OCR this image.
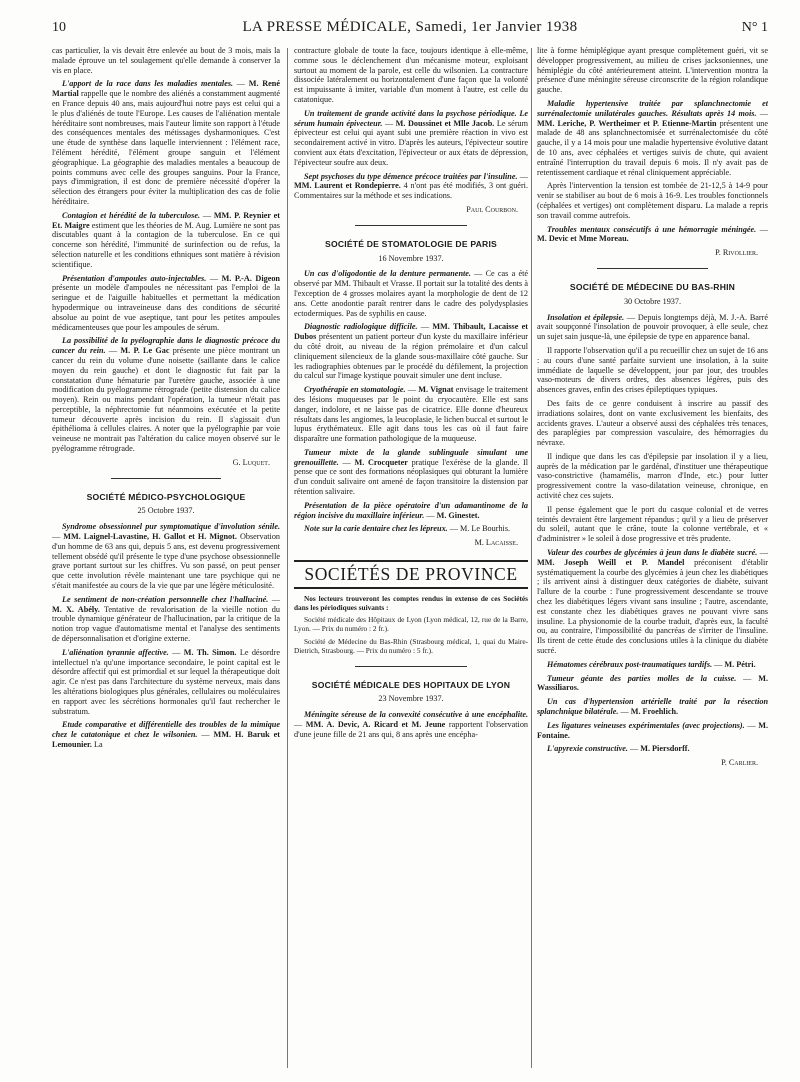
10	LA PRESSE MÉDICALE, Samedi, 1er Janvier 1938	N° 1

cas particulier, la vis devait être enlevée au bout de 3 mois, mais la malade éprouve un tel soulagement qu'elle demande à conserver la vis en place.

L'apport de la race dans les maladies mentales. — M. René Martial rappelle que le nombre des aliénés a constamment augmenté en France depuis 40 ans, mais aujourd'hui notre pays est celui qui a le plus d'aliénés de toute l'Europe. Les causes de l'aliénation mentale héréditaire sont nombreuses, mais l'auteur limite son rapport à l'étude des conséquences mentales des métissages dysharmoniques. C'est une étude de synthèse dans laquelle interviennent : l'élément race, l'élément hérédité, l'élément groupe sanguin et l'élément géographique. La géographie des maladies mentales a beaucoup de points communs avec celle des groupes sanguins. Pour la France, pays d'immigration, il est donc de première nécessité d'opérer la sélection des étrangers pour éviter la multiplication des cas de folie héréditaire.

Contagion et hérédité de la tuberculose. — MM. P. Reynier et Et. Maigre estiment que les théories de M. Aug. Lumière ne sont pas discutables quant à la contagion de la tuberculose. En ce qui concerne son hérédité, l'immunité de surinfection ou de refus, la sélection naturelle et les conditions ethniques sont matière à révision scientifique.

Présentation d'ampoules auto-injectables. — M. P.-A. Digeon présente un modèle d'ampoules ne nécessitant pas l'emploi de la seringue et de l'aiguille habituelles et permettant la médication hypodermique ou intraveineuse dans des conditions de sécurité absolue au point de vue aseptique, tant pour les petites ampoules médicamenteuses que pour les ampoules de sérum.

La possibilité de la pyélographie dans le diagnostic précoce du cancer du rein. — M. P. Le Gac présente une pièce montrant un cancer du rein du volume d'une noisette (saillante dans le calice moyen du rein gauche) et dont le diagnostic fut fait par la constatation d'une hématurie par l'uretère gauche, associée à une modification du pyélogramme rétrograde (petite distension du calice moyen). Rein ou mains pendant l'opération, la tumeur n'était pas perceptible, la néphrectomie fut néanmoins exécutée et la petite tumeur découverte après incision du rein. Il s'agissait d'un épithélioma à cellules claires. A noter que la pyélographie par voie veineuse ne montrait pas l'altération du calice moyen observé sur le pyélogramme rétrograde.

G. Luquet.
SOCIÉTÉ MÉDICO-PSYCHOLOGIQUE
25 Octobre 1937.

Syndrome obsessionnel pur symptomatique d'involution sénile. — MM. Laignel-Lavastine, H. Gallot et H. Mignot. Observation d'un homme de 63 ans qui, depuis 5 ans, est devenu progressivement tellement obsédé qu'il présente le type d'une psychose obsessionnelle grave portant surtout sur les chiffres. Vu son passé, on peut penser que cette involution révèle maintenant une tare psychique qui ne s'était manifestée au cours de la vie que par une légère méticulosité.

Le sentiment de non-création personnelle chez l'halluciné. — M. X. Abély. Tentative de revalorisation de la vieille notion du trouble dynamique générateur de l'hallucination, par la critique de la notion trop vague d'automatisme mental et l'analyse des sentiments de dépersonnalisation et d'origine externe.

L'aliénation tyrannie affective. — M. Th. Simon. Le désordre intellectuel n'a qu'une importance secondaire, le point capital est le désordre affectif qui est primordial et sur lequel la thérapeutique doit agir. Ce n'est pas dans l'architecture du système nerveux, mais dans les altérations biologiques plus générales, cellulaires ou moléculaires en rapport avec les sécrétions hormonales qu'il faut rechercher le substratum.

Etude comparative et différentielle des troubles de la mimique chez le catatonique et chez le wilsonien. — MM. H. Baruk et Lemounier. La

contracture globale de toute la face, toujours identique à elle-même, comme sous le déclenchement d'un mécanisme moteur, exploisant surtout au moment de la parole, est celle du wilsonien. La contracture dissociée latéralement ou horizontalement d'une façon que la volonté est impuissante à imiter, variable d'un moment à l'autre, est celle du catatonique.

Un traitement de grande activité dans la psychose périodique. Le sérum humain épivecteur. — M. Doussinet et Mlle Jacob. Le sérum épivecteur est celui qui ayant subi une première réaction in vivo est secondairement activé in vitro. D'après les auteurs, l'épivecteur soutire convient aux états d'excitation, l'épivecteur or aux états de dépression, l'épivecteur soufre aux deux.

Sept psychoses du type démence précoce traitées par l'insuline. — MM. Laurent et Rondepierre. 4 n'ont pas été modifiés, 3 ont guéri. Commentaires sur la méthode et ses indications.

Paul Courbon.
SOCIÉTÉ DE STOMATOLOGIE DE PARIS
16 Novembre 1937.

Un cas d'oligodontie de la denture permanente. — Ce cas a été observé par MM. Thibault et Vrasse. Il portait sur la totalité des dents à l'exception de 4 grosses molaires ayant la morphologie de dent de 12 ans. Cette anodontie paraît rentrer dans le cadre des polydysplasies ectodermiques. Pas de syphilis en cause.

Diagnostic radiologique difficile. — MM. Thibault, Lacaisse et Dubos présentent un patient porteur d'un kyste du maxillaire inférieur du côté droit, au niveau de la région prémolaire et d'un calcul cliniquement silencieux de la glande sous-maxillaire côté gauche. Sur les radiographies obtenues par le procédé du défilement, la projection du calcul sur l'image kystique pouvait simuler une dent incluse.

Cryothérapie en stomatologie. — M. Vignat envisage le traitement des lésions muqueuses par le point du cryocautère. Elle est sans danger, indolore, et ne laisse pas de cicatrice. Elle donne d'heureux résultats dans les angiomes, la leucoplasie, le lichen buccal et surtout le lupus érythémateux. Elle agit dans tous les cas où il faut faire disparaître une formation pathologique de la muqueuse.

Tumeur mixte de la glande sublinguale simulant une grenouillette. — M. Crocqueter pratique l'exérèse de la glande. Il pense que ce sont des formations néoplasiques qui obturant la lumière d'un conduit salivaire ont amené de façon transitoire la distension par rétention salivaire.

Présentation de la pièce opératoire d'un adamantinome de la région incisive du maxillaire inférieur. — M. Ginestet.

Note sur la carie dentaire chez les lépreux. — M. Le Bourhis.

M. Lacaisse.
SOCIÉTÉS DE PROVINCE

Nos lecteurs trouveront les comptes rendus in extenso de ces Sociétés dans les périodiques suivants :

Société médicale des Hôpitaux de Lyon (Lyon médical, 12, rue de la Barre, Lyon. — Prix du numéro : 2 fr.).

Société de Médecine du Bas-Rhin (Strasbourg médical, 1, quai du Maire-Dietrich, Strasbourg. — Prix du numéro : 5 fr.).

SOCIÉTÉ MÉDICALE DES HOPITAUX DE LYON
23 Novembre 1937.

Méningite séreuse de la convexité consécutive à une encéphalite. — MM. A. Devic, A. Ricard et M. Jeune rapportent l'observation d'une jeune fille de 21 ans qui, 8 ans après une encépha-

lite à forme hémiplégique ayant presque complètement guéri, vit se développer progressivement, au milieu de crises jacksoniennes, une hémiplégie du côté antérieurement atteint. L'intervention montra la présence d'une méningite séreuse circonscrite de la région rolandique gauche.

Maladie hypertensive traitée par splanchnectomie et surrénalectomie unilatérales gauches. Résultats après 14 mois. — MM. Leriche, P. Wertheimer et P. Etienne-Martin présentent une malade de 48 ans splanchnectomisée et surrénalectomisée du côté gauche, il y a 14 mois pour une maladie hypertensive évolutive datant de 10 ans, avec céphalées et vertiges suivis de chute, qui avaient entraîné l'interruption du travail depuis 6 mois. Il n'y avait pas de retentissement cardiaque et rénal cliniquement appréciable.

Après l'intervention la tension est tombée de 21-12,5 à 14-9 pour venir se stabiliser au bout de 6 mois à 16-9. Les troubles fonctionnels (céphalées et vertiges) ont complètement disparu. La malade a repris son travail comme autrefois.

Troubles mentaux consécutifs à une hémorragie méningée. — M. Devic et Mme Moreau.

P. Rivollier.
SOCIÉTÉ DE MÉDECINE DU BAS-RHIN
30 Octobre 1937.

Insolation et épilepsie. — Depuis longtemps déjà, M. J.-A. Barré avait soupçonné l'insolation de pouvoir provoquer, à elle seule, chez un sujet sain jusque-là, une épilepsie de type en apparence banal.

Il rapporte l'observation qu'il a pu recueillir chez un sujet de 16 ans : au cours d'une santé parfaite survient une insolation, à la suite immédiate de laquelle se développent, jour par jour, des troubles vaso-moteurs de divers ordres, des absences légères, puis des absences graves, enfin des crises épileptiques typiques.

Des faits de ce genre conduisent à inscrire au passif des irradiations solaires, dont on vante exclusivement les bienfaits, des accidents graves. L'auteur a observé aussi des céphalées très tenaces, des paraplégies par compression vasculaire, des hémorragies du névraxe.

Il indique que dans les cas d'épilepsie par insolation il y a lieu, auprès de la médication par le gardénal, d'instituer une thérapeutique vaso-constrictive (hamamélis, marron d'Inde, etc.) pour lutter progressivement contre la vaso-dilatation veineuse, chronique, en activité chez ces sujets.

Il pense également que le port du casque colonial et de verres teintés devraient être largement répandus ; qu'il y a lieu de préserver du soleil, autant que le crâne, toute la colonne vertébrale, et « d'administrer » le soleil à dose progressive et très prudente.

Valeur des courbes de glycémies à jeun dans le diabète sucré. — MM. Joseph Weill et P. Mandel préconisent d'établir systématiquement la courbe des glycémies à jeun chez les diabétiques ; ils arrivent ainsi à distinguer deux catégories de diabète, suivant l'allure de la courbe : l'une progressivement descendante se trouve chez les diabétiques légers vivant sans insuline ; l'autre, ascendante, est constante chez les diabétiques graves ne pouvant vivre sans insuline. La physionomie de la courbe traduit, d'après eux, la faculté ou, au contraire, l'impossibilité du pancréas de s'irriter de l'insuline. Ils tirent de cette étude des conclusions utiles à la clinique du diabète sucré.

Hématomes cérébraux post-traumatiques tardifs. — M. Pétri.

Tumeur géante des parties molles de la cuisse. — M. Wassiliaros.

Un cas d'hypertension artérielle traité par la résection splanchnique bilatérale. — M. Froehlich.

Les ligatures veineuses expérimentales (avec projections). — M. Fontaine.

L'apyrexie constructive. — M. Piersdorff.

P. Carlier.
